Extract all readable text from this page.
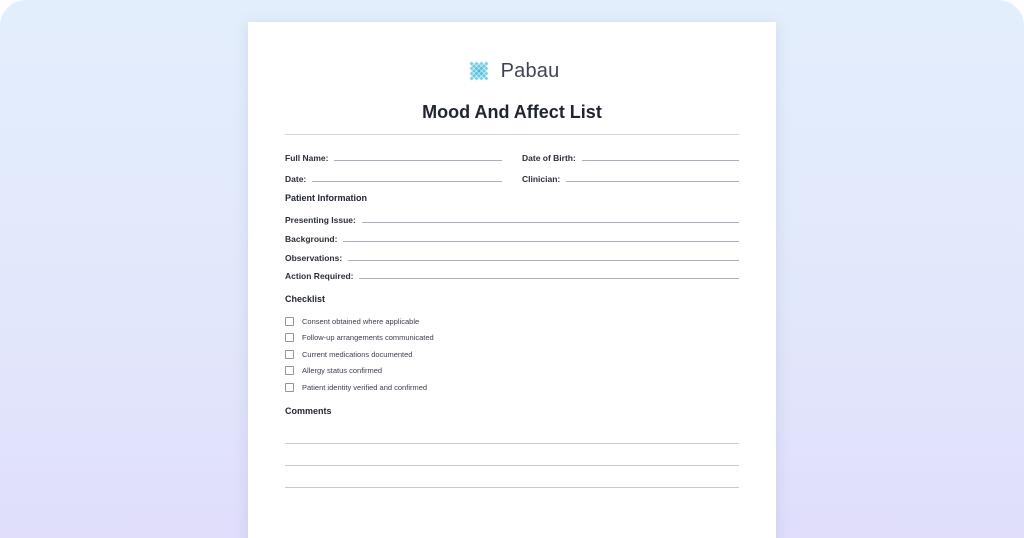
Pabau
Mood And Affect List
Full Name:	Date of Birth:
Date:	Clinician:
Patient Information
Presenting Issue:
Background:
Observations:
Action Required:
Checklist
Consent obtained where applicable
Follow-up arrangements communicated
Current medications documented
Allergy status confirmed
Patient identity verified and confirmed
Comments
